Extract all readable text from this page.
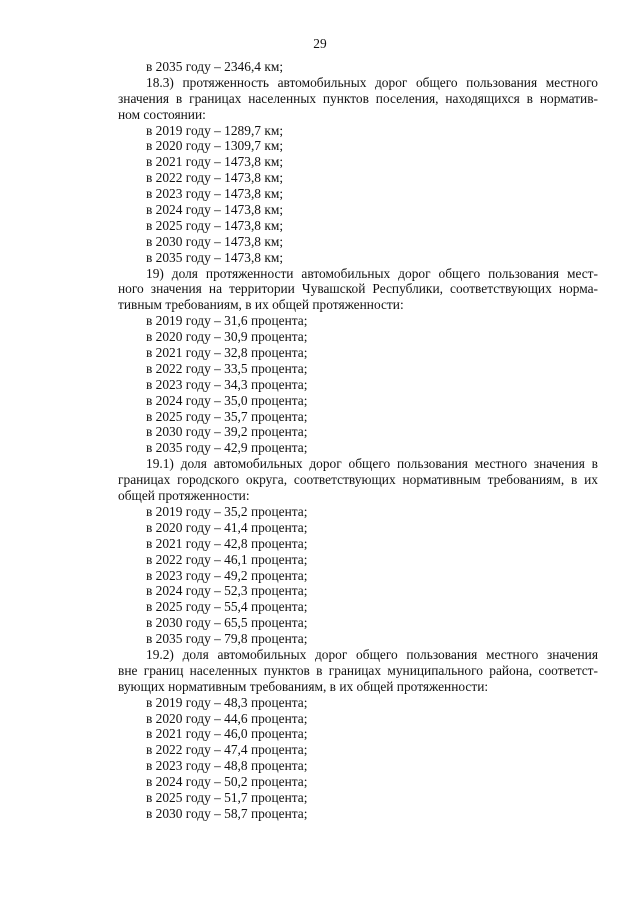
29
в 2035 году – 2346,4 км;
18.3) протяженность автомобильных дорог общего пользования местного
значения в границах населенных пунктов поселения, находящихся в норматив-
ном состоянии:
в 2019 году – 1289,7 км;
в 2020 году – 1309,7 км;
в 2021 году – 1473,8 км;
в 2022 году – 1473,8 км;
в 2023 году – 1473,8 км;
в 2024 году – 1473,8 км;
в 2025 году – 1473,8 км;
в 2030 году – 1473,8 км;
в 2035 году – 1473,8 км;
19) доля протяженности автомобильных дорог общего пользования мест-
ного значения на территории Чувашской Республики, соответствующих норма-
тивным требованиям, в их общей протяженности:
в 2019 году – 31,6 процента;
в 2020 году – 30,9 процента;
в 2021 году – 32,8 процента;
в 2022 году – 33,5 процента;
в 2023 году – 34,3 процента;
в 2024 году – 35,0 процента;
в 2025 году – 35,7 процента;
в 2030 году – 39,2 процента;
в 2035 году – 42,9 процента;
19.1) доля автомобильных дорог общего пользования местного значения в
границах городского округа, соответствующих нормативным требованиям, в их
общей протяженности:
в 2019 году – 35,2 процента;
в 2020 году – 41,4 процента;
в 2021 году – 42,8 процента;
в 2022 году – 46,1 процента;
в 2023 году – 49,2 процента;
в 2024 году – 52,3 процента;
в 2025 году – 55,4 процента;
в 2030 году – 65,5 процента;
в 2035 году – 79,8 процента;
19.2) доля автомобильных дорог общего пользования местного значения
вне границ населенных пунктов в границах муниципального района, соответст-
вующих нормативным требованиям, в их общей протяженности:
в 2019 году – 48,3 процента;
в 2020 году – 44,6 процента;
в 2021 году – 46,0 процента;
в 2022 году – 47,4 процента;
в 2023 году – 48,8 процента;
в 2024 году – 50,2 процента;
в 2025 году – 51,7 процента;
в 2030 году – 58,7 процента;
